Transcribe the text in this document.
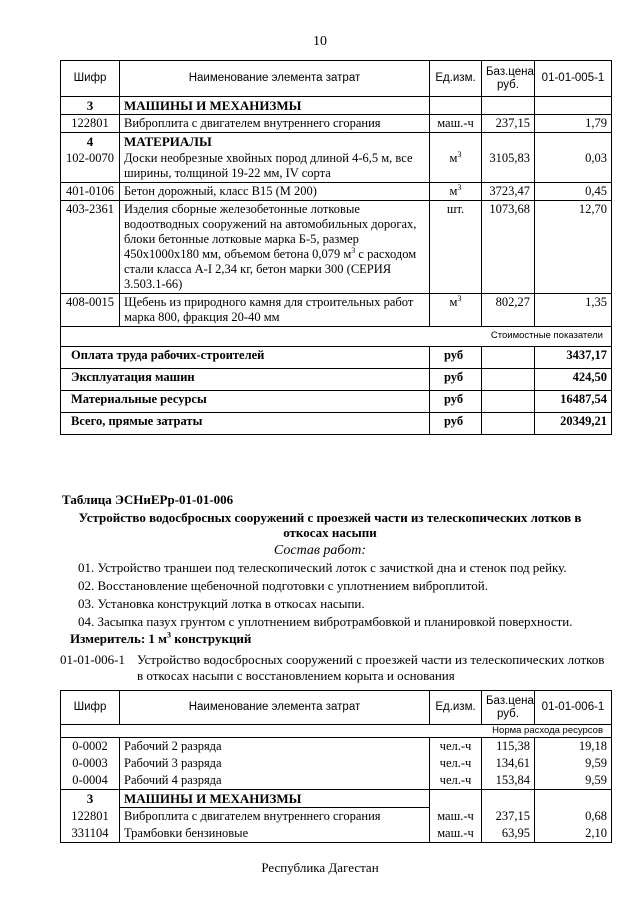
10
Шифр	Наименование элемента затрат	Ед.изм.	Баз.цена руб.	01-01-005-1
3	МАШИНЫ И МЕХАНИЗМЫ			
122801	Виброплита с двигателем внутреннего сгорания	маш.-ч	237,15	1,79
4	МАТЕРИАЛЫ			
102-0070	Доски необрезные хвойных пород длиной 4-6,5 м, все ширины, толщиной 19-22 мм, IV сорта	$м^3$	3105,83	0,03
401-0106	Бетон дорожный, класс В15 (М 200)	$м^3$	3723,47	0,45
403-2361	Изделия сборные железобетонные лотковые водоотводных сооружений на автомобильных дорогах, блоки бетонные лотковые марка Б-5, размер 450х1000х180 мм, объемом бетона 0,079 $м^3$ с расходом стали класса А-I 2,34 кг, бетон марки 300 (СЕРИЯ 3.503.1-66)	шт.	1073,68	12,70
408-0015	Щебень из природного камня для строительных работ марка 800, фракция 20-40 мм	$м^3$	802,27	1,35
Стоимостные показатели				
Оплата труда рабочих-строителей		руб		3437,17
Эксплуатация машин		руб		424,50
Материальные ресурсы		руб		16487,54
Всего, прямые затраты		руб		20349,21
Таблица ЭСНиЕРр-01-01-006
Устройство водосбросных сооружений с проезжей части из телескопических лотков в откосах насыпи
Состав работ:
01. Устройство траншеи под телескопический лоток с зачисткой дна и стенок под рейку.
02. Восстановление щебеночной подготовки с уплотнением виброплитой.
03. Установка конструкций лотка в откосах насыпи.
04. Засыпка пазух грунтом с уплотнением вибротрамбовкой и планировкой поверхности.
Измеритель: 1 $м^3$ конструкций
01-01-006-1 Устройство водосбросных сооружений с проезжей части из телескопических лотков в откосах насыпи с восстановлением корыта и основания
Шифр	Наименование элемента затрат	Ед.изм.	Баз.цена руб.	01-01-006-1
Норма расхода ресурсов				
0-0002	Рабочий 2 разряда	чел.-ч	115,38	19,18
0-0003	Рабочий 3 разряда	чел.-ч	134,61	9,59
0-0004	Рабочий 4 разряда	чел.-ч	153,84	9,59
3	МАШИНЫ И МЕХАНИЗМЫ			
122801	Виброплита с двигателем внутреннего сгорания	маш.-ч	237,15	0,68
331104	Трамбовки бензиновые	маш.-ч	63,95	2,10
Республика Дагестан
